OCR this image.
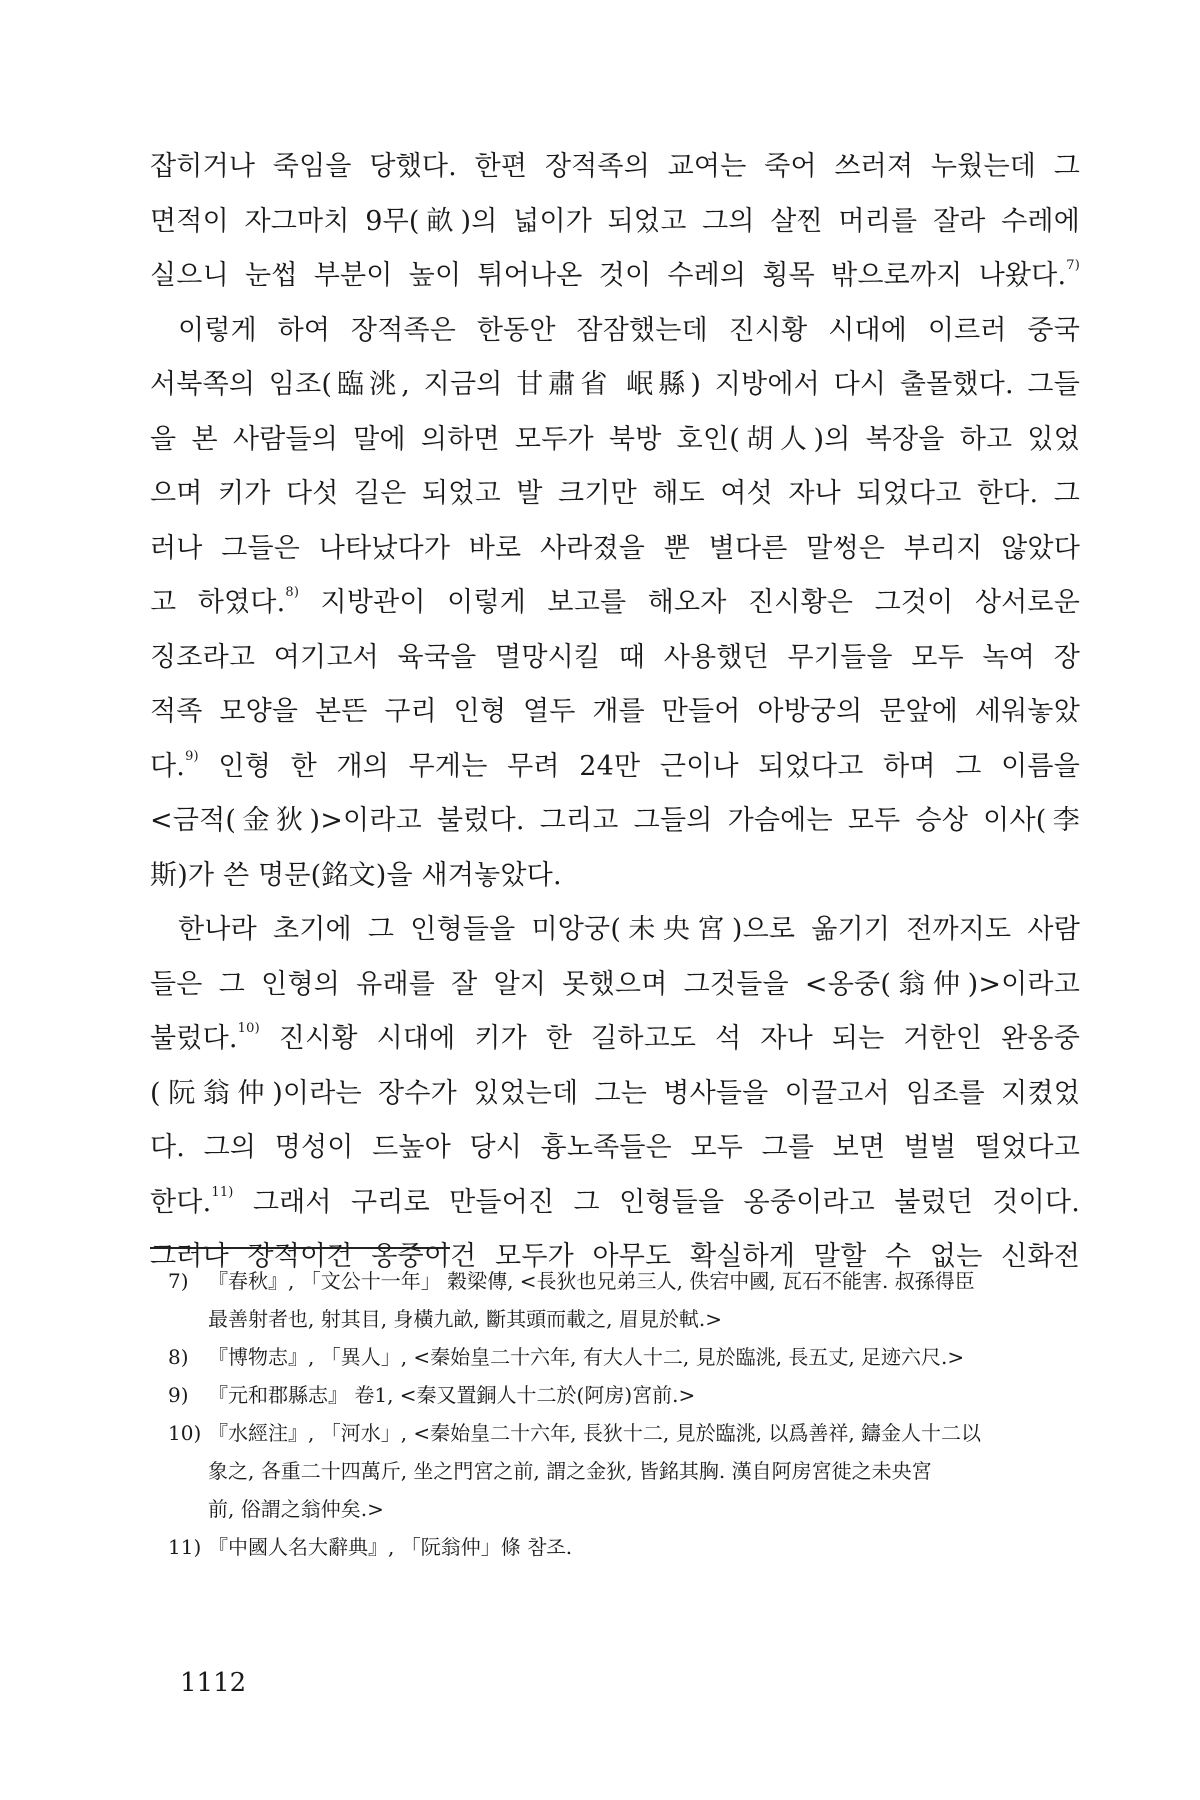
잡히거나 죽임을 당했다. 한편 장적족의 교여는 죽어 쓰러져 누웠는데 그
면적이 자그마치 9무(畝)의 넓이가 되었고 그의 살찐 머리를 잘라 수레에
실으니 눈썹 부분이 높이 튀어나온 것이 수레의 횡목 밖으로까지 나왔다.$^{7)}$
이렇게 하여 장적족은 한동안 잠잠했는데 진시황 시대에 이르러 중국
서북쪽의 임조(臨洮, 지금의 甘肅省 岷縣) 지방에서 다시 출몰했다. 그들
을 본 사람들의 말에 의하면 모두가 북방 호인(胡人)의 복장을 하고 있었
으며 키가 다섯 길은 되었고 발 크기만 해도 여섯 자나 되었다고 한다. 그
러나 그들은 나타났다가 바로 사라졌을 뿐 별다른 말썽은 부리지 않았다
고 하였다.$^{8)}$ 지방관이 이렇게 보고를 해오자 진시황은 그것이 상서로운
징조라고 여기고서 육국을 멸망시킬 때 사용했던 무기들을 모두 녹여 장
적족 모양을 본뜬 구리 인형 열두 개를 만들어 아방궁의 문앞에 세워놓았
다.$^{9)}$ 인형 한 개의 무게는 무려 24만 근이나 되었다고 하며 그 이름을
<금적(金狄)>이라고 불렀다. 그리고 그들의 가슴에는 모두 승상 이사(李
斯)가 쓴 명문(銘文)을 새겨놓았다.
한나라 초기에 그 인형들을 미앙궁(未央宮)으로 옮기기 전까지도 사람
들은 그 인형의 유래를 잘 알지 못했으며 그것들을 <옹중(翁仲)>이라고
불렀다.$^{10)}$ 진시황 시대에 키가 한 길하고도 석 자나 되는 거한인 완옹중
(阮翁仲)이라는 장수가 있었는데 그는 병사들을 이끌고서 임조를 지켰었
다. 그의 명성이 드높아 당시 흉노족들은 모두 그를 보면 벌벌 떨었다고
한다.$^{11)}$ 그래서 구리로 만들어진 그 인형들을 옹중이라고 불렀던 것이다.
그러나 장적이건 옹중이건 모두가 아무도 확실하게 말할 수 없는 신화전
7) 『春秋』, 「文公十一年」 穀梁傳, <長狄也兄弟三人, 佚宕中國, 瓦石不能害. 叔孫得臣
最善射者也, 射其目, 身橫九畝, 斷其頭而載之, 眉見於軾.>
8) 『博物志』, 「異人」, <秦始皇二十六年, 有大人十二, 見於臨洮, 長五丈, 足迹六尺.>
9) 『元和郡縣志』 卷1, <秦又置銅人十二於(阿房)宮前.>
10) 『水經注』, 「河水」, <秦始皇二十六年, 長狄十二, 見於臨洮, 以爲善祥, 鑄金人十二以
象之, 各重二十四萬斤, 坐之門宮之前, 謂之金狄, 皆銘其胸. 漢自阿房宮徙之未央宮
前, 俗謂之翁仲矣.>
11) 『中國人名大辭典』, 「阮翁仲」條 참조.
1112
